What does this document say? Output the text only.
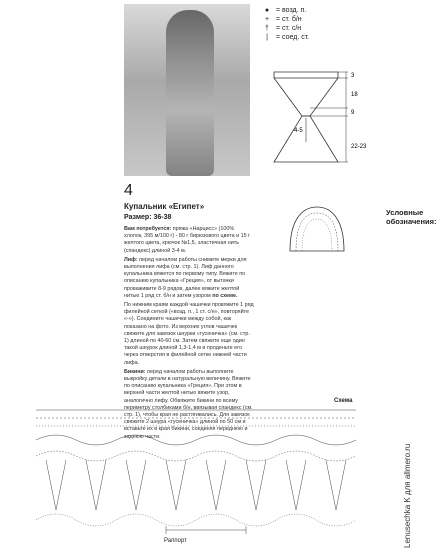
Условные обозначения:
● = возд. п.
+ = ст. б/н
†	= ст. с/н
|	= соед. ст.
3
18
9
4-5
22-23
4
Купальник «Египет»
Размер: 36-38

Вам потребуется: пряжа «Нарцисс» (100% хлопок, 395 м/100 г) - 80 г бирюзового цвета и 15 г желтого цвета, крючок №1,5, эластичная нить (спандекс) длиной 3-4 м.

Лиф: перед началом работы снимите мерки для выполнения лифа (см. стр. 1). Лиф данного купальника вяжется по первому типу. Вяжите по описанию купальника «Греция», от вытачки проваживите 8-9 рядов, далее вяжите желтой нитью 1 ряд ст. б/н и затем узором по схеме.

По нижним краям каждой чашечки провяжите 1 ряд филейной сеткой («возд. п., 1 ст. с/н», повторяйте «-»). Соедините чашечки между собой, как показано на фото. Из верхних углов чашечек свяжите для завязок шнурки «гусеничка» (см. стр. 1) длиной по 40-60 см. Затем свяжите еще один такой шнурок длиной 1,3-1,4 м и проденьте его через отверстия в филейной сетке нижней части лифа.

Бикини: перед началом работы выполните выкройку детали в натуральную величину. Вяжите по описанию купальника «Греция». При этом в верхней части желтой нитью вяжите узор, аналогично лифу. Обвяжите бикини по всему периметру столбиками б/н, ввязывая спандекс (см. стр. 1), чтобы края не растягивались. Для завязок свяжите 2 шнура «гусеничка» длиной по 50 см и вставьте их в края бикини, соединяя переднюю и заднюю части.

Схема
Раппорт	Lenusechka K для allmero.ru
